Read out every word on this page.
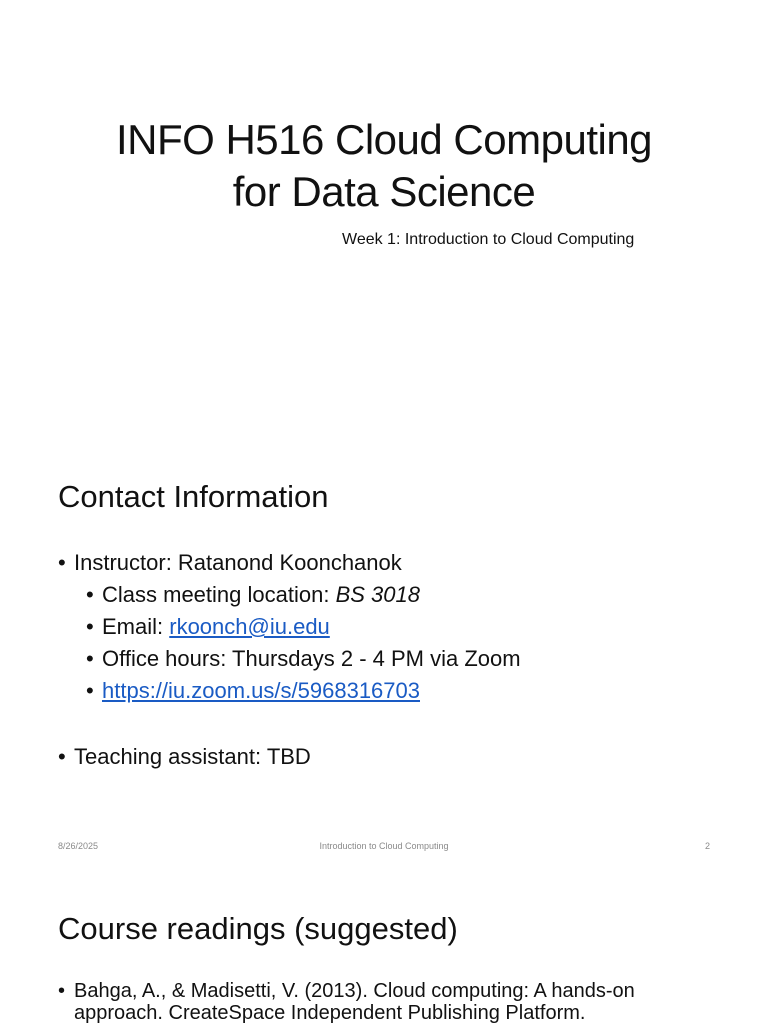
INFO H516 Cloud Computing
for Data Science
Week 1: Introduction to Cloud Computing
Contact Information
• Instructor: Ratanond Koonchanok
• Class meeting location: BS 3018
• Email: rkoonch@iu.edu
• Office hours: Thursdays 2 - 4 PM via Zoom
• https://iu.zoom.us/s/5968316703
• Teaching assistant: TBD
8/26/2025	Introduction to Cloud Computing	2
Course readings (suggested)
• Bahga, A., & Madisetti, V. (2013). Cloud computing: A hands-on approach. CreateSpace Independent Publishing Platform.
